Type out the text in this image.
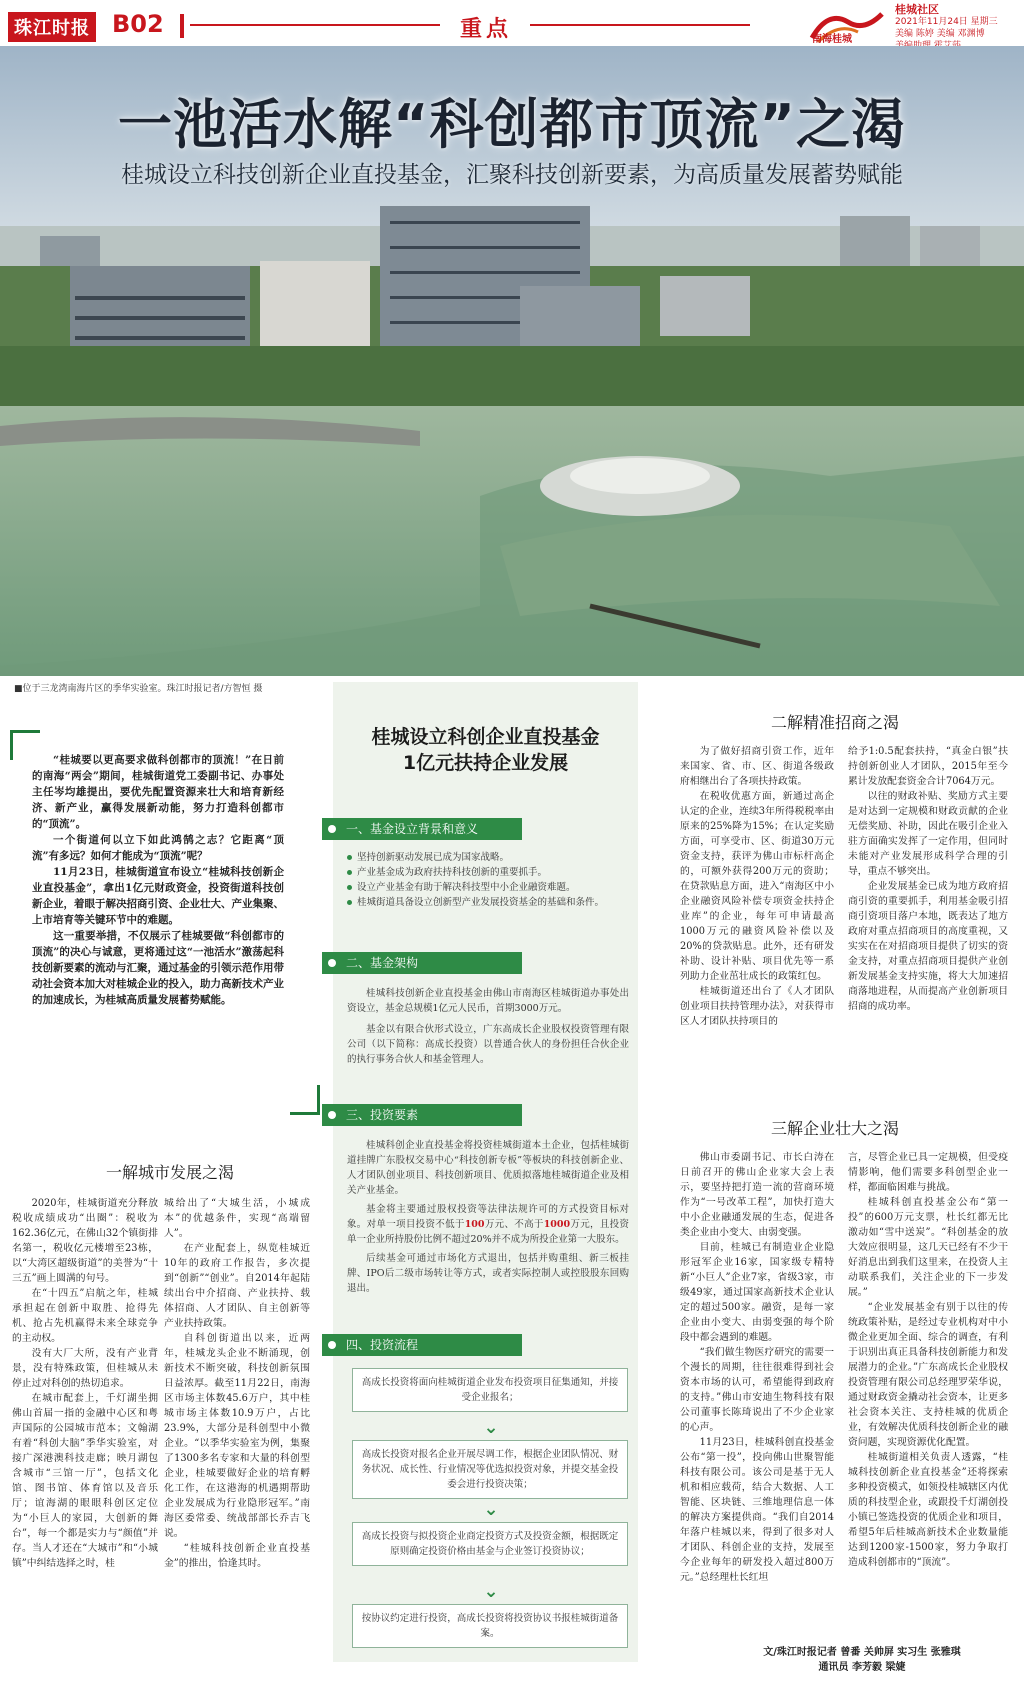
珠江时报 B02	重点	南海桂城
桂城社区
2021年11月24日 星期三
美编 陈婷 美编 邓渊博
一池活水解“科创都市顶流”之渴
桂城设立科技创新企业直投基金，汇聚科技创新要素，为高质量发展蓄势赋能
■位于三龙湾南海片区的季华实验室。珠江时报记者/方智恒 摄

“桂城要以更高要求做科创都市的顶流！”在日前的南海“两会”期间，桂城街道党工委副书记、办事处主任岑均雄提出，要优先配置资源来壮大和培育新经济、新产业，赢得发展新动能，努力打造科创都市的“顶流”。

一个街道何以立下如此鸿鹄之志？它距离“顶流”有多远？如何才能成为“顶流”呢？

11月23日，桂城街道宣布设立“桂城科技创新企业直投基金”，拿出1亿元财政资金，投资街道科技创新企业，着眼于解决招商引资、企业壮大、产业集聚、上市培育等关键环节中的难题。

这一重要举措，不仅展示了桂城要做“科创都市的顶流”的决心与诚意，更将通过这“一池活水”激荡起科技创新要素的流动与汇聚，通过基金的引领示范作用带动社会资本加大对桂城企业的投入，助力高新技术产业的加速成长，为桂城高质量发展蓄势赋能。

一解城市发展之渴

2020年，桂城街道充分释放税收成绩成功“出圈”：税收为162.36亿元，在佛山32个镇街排名第一，税收亿元楼增至23栋，以“大湾区超级街道”的美誉为“十三五”画上圆满的句号。

在“十四五”启航之年，桂城承担起在创新中取胜、抢得先机、抢占先机赢得未来全球竞争的主动权。

没有大厂大所，没有产业背景，没有特殊政策，但桂城从未停止过对科创的热切追求。

在城市配套上，千灯湖坐拥佛山首届一指的金融中心区和粤声国际的公园城市范本；文翰湖有着“科创大脑”季华实验室，对接广深港澳科技走廊；映月湖包含城市“三馆一厅”，包括文化馆、图书馆、体育馆以及音乐厅；谊海湖的眼眼科创区定位为“小巨人的家园，大创新的舞台”，每一个都是实力与“颜值”并存。当人才还在“大城市”和“小城镇”中纠结选择之时，桂

城给出了“大城生活，小城成本”的优越条件，实现“高端留人”。

在产业配套上，纵览桂城近10年的政府工作报告，多次提到“创新”“创业”。自2014年起陆续出台中介招商、产业扶持、载体招商、人才团队、自主创新等产业扶持政策。

自科创街道出以来，近两年，桂城龙头企业不断涌现，创新技术不断突破，科技创新氛围日益浓厚。截至11月22日，南海区市场主体数45.6万户，其中桂城市场主体数10.9万户，占比23.9%，大部分是科创型中小微企业。“以季华实验室为例，集聚了1300多名专家和大量的科创型企业，桂城要做好企业的培育孵化工作，在这港海的机遇期帮助企业发展成为行业隐形冠军。”南海区委常委、统战部部长乔吉飞说。

“桂城科技创新企业直投基金”的推出，恰逢其时。

桂城设立科创企业直投基金
1亿元扶持企业发展
一、基金设立背景和意义
坚持创新驱动发展已成为国家战略。
产业基金成为政府扶持科技创新的重要抓手。
设立产业基金有助于解决科技型中小企业融资难题。
桂城街道具备设立创新型产业发展投资基金的基础和条件。
二、基金架构

桂城科技创新企业直投基金由佛山市南海区桂城街道办事处出资设立，基金总规模1亿元人民币，首期3000万元。

基金以有限合伙形式设立，广东高成长企业股权投资管理有限公司（以下简称：高成长投资）以普通合伙人的身份担任合伙企业的执行事务合伙人和基金管理人。

三、投资要素

桂城科创企业直投基金将投资桂城街道本土企业，包括桂城街道挂牌广东股权交易中心“科技创新专板”等板块的科技创新企业、人才团队创业项目、科技创新项目、优质拟落地桂城街道企业及相关产业基金。

基金将主要通过股权投资等法律法规许可的方式投资目标对象。对单一项目投资不低于100万元、不高于1000万元，且投资单一企业所持股份比例不超过20%并不成为所投企业第一大股东。

后续基金可通过市场化方式退出，包括并购重组、新三板挂牌、IPO后二级市场转让等方式，或者实际控制人或控股股东回购退出。

四、投资流程
高成长投资将面向桂城街道企业发布投资项目征集通知，并接受企业报名；
⌄
高成长投资对报名企业开展尽调工作，根据企业团队情况、财务状况、成长性、行业情况等优选拟投资对象，并提交基金投委会进行投资决策；
⌄
高成长投资与拟投资企业商定投资方式及投资金额，根据既定原则确定投资价格由基金与企业签订投资协议；
⌄
按协议约定进行投资，高成长投资将投资协议书报桂城街道备案。
二解精准招商之渴

为了做好招商引资工作，近年来国家、省、市、区、街道各级政府相继出台了各项扶持政策。

在税收优惠方面，新通过高企认定的企业，连续3年所得税税率由原来的25%降为15%；在认定奖励方面，可享受市、区、街道30万元资金支持，获评为佛山市标杆高企的，可额外获得200万元的资助；在贷款贴息方面，进入“南海区中小企业融资风险补偿专项资金扶持企业库”的企业，每年可申请最高1000万元的融资风险补偿以及20%的贷款贴息。此外，还有研发补助、设计补贴、项目优先等一系列助力企业茁壮成长的政策红包。

桂城街道还出台了《人才团队创业项目扶持管理办法》，对获得市区人才团队扶持项目的

给予1:0.5配套扶持，“真金白银”扶持创新创业人才团队，2015年至今累计发放配套资金合计7064万元。

以往的财政补贴、奖励方式主要是对达到一定规模和财政贡献的企业无偿奖励、补助，因此在吸引企业入驻方面确实发挥了一定作用，但同时未能对产业发展形成科学合理的引导，重点不够突出。

企业发展基金已成为地方政府招商引资的重要抓手，利用基金吸引招商引资项目落户本地，既表达了地方政府对重点招商项目的高度重视，又实实在在对招商项目提供了切实的资金支持，对重点招商项目提供产业创新发展基金支持实施，将大大加速招商落地进程，从而提高产业创新项目招商的成功率。

三解企业壮大之渴

佛山市委副书记、市长白涛在日前召开的佛山企业家大会上表示，要坚持把打造一流的营商环境作为“一号改革工程”，加快打造大中小企业融通发展的生态，促进各类企业由小变大、由弱变强。

目前，桂城已有制造业企业隐形冠军企业16家，国家级专精特新“小巨人”企业7家，省级3家，市级49家，通过国家高新技术企业认定的超过500家。融资，是每一家企业由小变大、由弱变强的每个阶段中都会遇到的难题。

“我们做生物医疗研究的需要一个漫长的周期，往往很难得到社会资本市场的认可，希望能得到政府的支持。”佛山市安迪生物科技有限公司董事长陈琦说出了不少企业家的心声。

11月23日，桂城科创直投基金公布“第一投”，投向佛山世聚智能科技有限公司。该公司是基于无人机和相应载荷，结合大数据、人工智能、区块链、三维地理信息一体的解决方案提供商。“我们自2014年落户桂城以来，得到了很多对人才团队、科创企业的支持，发展至今企业每年的研发投入超过800万元。”总经理杜长红坦

言，尽管企业已具一定规模，但受疫情影响，他们需要多科创型企业一样，都面临困难与挑战。

桂城科创直投基金公布“第一投”的600万元支票，杜长红都无比激动如“雪中送炭”。“科创基金的放大效应很明显，这几天已经有不少干好消息出到我们这里来，在投资人主动联系我们，关注企业的下一步发展。”

“企业发展基金有别于以往的传统政策补贴，是经过专业机构对中小微企业更加全面、综合的调查，有利于识别出真正具备科技创新能力和发展潜力的企业。”广东高成长企业股权投资管理有限公司总经理罗荣华说，通过财政资金撬动社会资本，让更多社会资本关注、支持桂城的优质企业，有效解决优质科技创新企业的融资问题，实现资源优化配置。

桂城街道相关负责人透露，“桂城科技创新企业直投基金”还将探索多种投资模式，如领投桂城辖区内优质的科技型企业，或跟投千灯湖创投小镇已签选投资的优质企业和项目，希望5年后桂城高新技术企业数量能达到1200家-1500家，努力争取打造成科创都市的“顶流”。

文/珠江时报记者 曾番 关帅屏 实习生 张雅琪
通讯员 李芳毅 梁婕
